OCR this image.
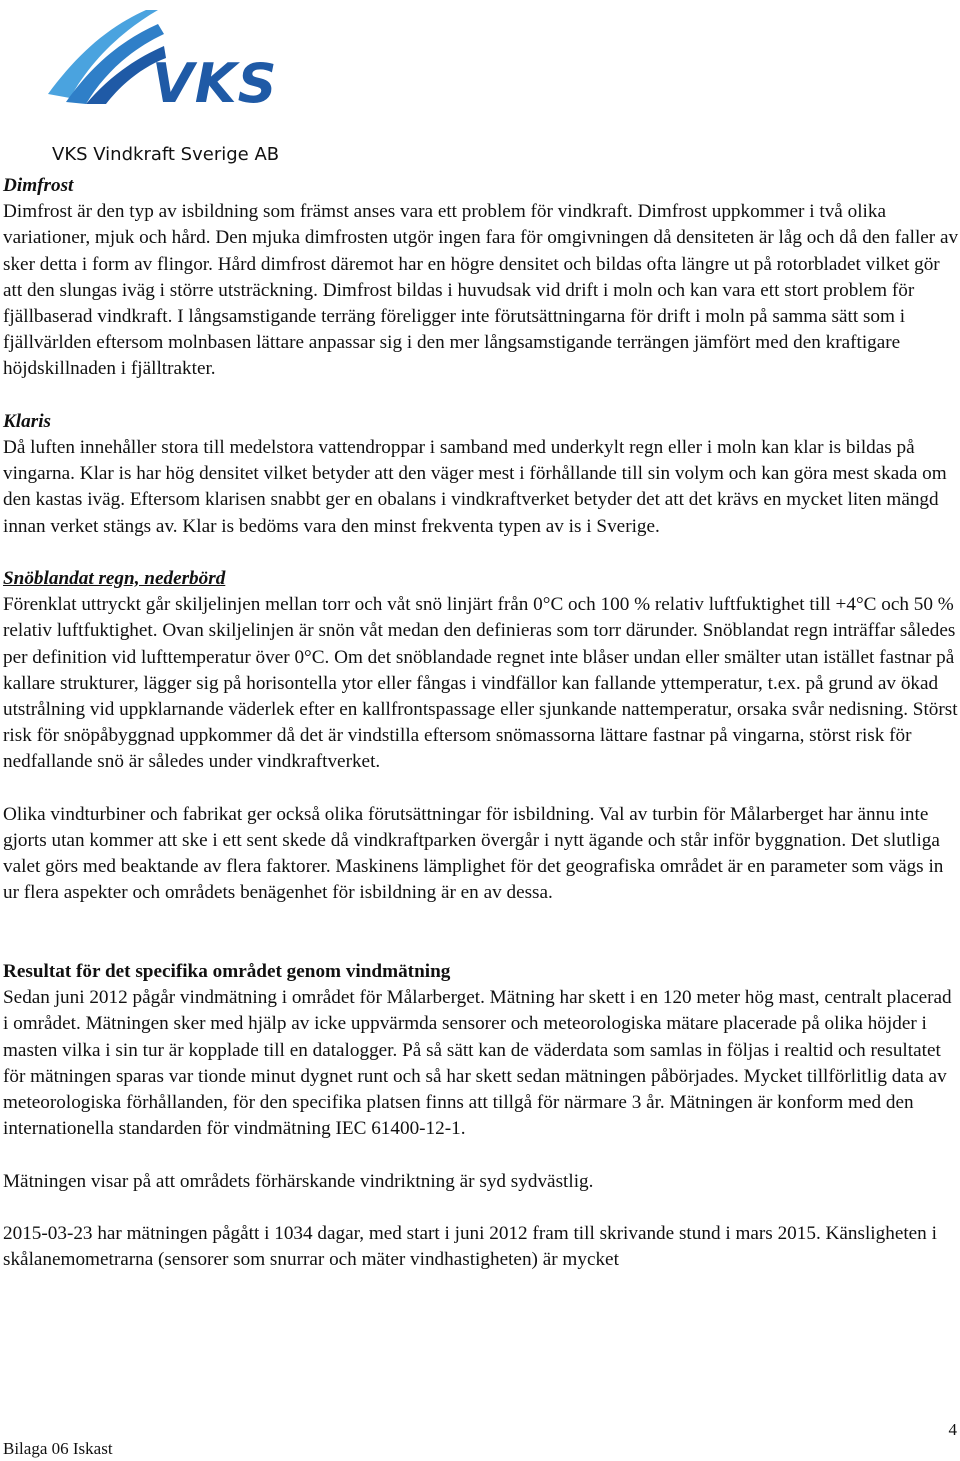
VKS
VKS Vindkraft Sverige AB
Dimfrost

Dimfrost är den typ av isbildning som främst anses vara ett problem för vindkraft. Dimfrost uppkommer i två olika variationer, mjuk och hård. Den mjuka dimfrosten utgör ingen fara för omgivningen då densiteten är låg och då den faller av sker detta i form av flingor. Hård dimfrost däremot har en högre densitet och bildas ofta längre ut på rotorbladet vilket gör att den slungas iväg i större utsträckning. Dimfrost bildas i huvudsak vid drift i moln och kan vara ett stort problem för fjällbaserad vindkraft. I långsamstigande terräng föreligger inte förutsättningarna för drift i moln på samma sätt som i fjällvärlden eftersom molnbasen lättare anpassar sig i den mer långsamstigande terrängen jämfört med den kraftigare höjdskillnaden i fjälltrakter.

Klaris

Då luften innehåller stora till medelstora vattendroppar i samband med underkylt regn eller i moln kan klar is bildas på vingarna. Klar is har hög densitet vilket betyder att den väger mest i förhållande till sin volym och kan göra mest skada om den kastas iväg. Eftersom klarisen snabbt ger en obalans i vindkraftverket betyder det att det krävs en mycket liten mängd innan verket stängs av. Klar is bedöms vara den minst frekventa typen av is i Sverige.

Snöblandat regn, nederbörd

Förenklat uttryckt går skiljelinjen mellan torr och våt snö linjärt från 0°C och 100 % relativ luftfuktighet till +4°C och 50 % relativ luftfuktighet. Ovan skiljelinjen är snön våt medan den definieras som torr därunder. Snöblandat regn inträffar således per definition vid lufttemperatur över 0°C. Om det snöblandade regnet inte blåser undan eller smälter utan istället fastnar på kallare strukturer, lägger sig på horisontella ytor eller fångas i vindfällor kan fallande yttemperatur, t.ex. på grund av ökad utstrålning vid uppklarnande väderlek efter en kallfrontspassage eller sjunkande nattemperatur, orsaka svår nedisning. Störst risk för snöpåbyggnad uppkommer då det är vindstilla eftersom snömassorna lättare fastnar på vingarna, störst risk för nedfallande snö är således under vindkraftverket.

Olika vindturbiner och fabrikat ger också olika förutsättningar för isbildning. Val av turbin för Målarberget har ännu inte gjorts utan kommer att ske i ett sent skede då vindkraftparken övergår i nytt ägande och står inför byggnation. Det slutliga valet görs med beaktande av flera faktorer. Maskinens lämplighet för det geografiska området är en parameter som vägs in ur flera aspekter och områdets benägenhet för isbildning är en av dessa.

Resultat för det specifika området genom vindmätning

Sedan juni 2012 pågår vindmätning i området för Målarberget. Mätning har skett i en 120 meter hög mast, centralt placerad i området. Mätningen sker med hjälp av icke uppvärmda sensorer och meteorologiska mätare placerade på olika höjder i masten vilka i sin tur är kopplade till en datalogger. På så sätt kan de väderdata som samlas in följas i realtid och resultatet för mätningen sparas var tionde minut dygnet runt och så har skett sedan mätningen påbörjades. Mycket tillförlitlig data av meteorologiska förhållanden, för den specifika platsen finns att tillgå för närmare 3 år. Mätningen är konform med den internationella standarden för vindmätning IEC 61400-12-1.

Mätningen visar på att områdets förhärskande vindriktning är syd sydvästlig.

2015-03-23 har mätningen pågått i 1034 dagar, med start i juni 2012 fram till skrivande stund i mars 2015. Känsligheten i skålanemometrarna (sensorer som snurrar och mäter vindhastigheten) är mycket

4
Bilaga 06 Iskast
